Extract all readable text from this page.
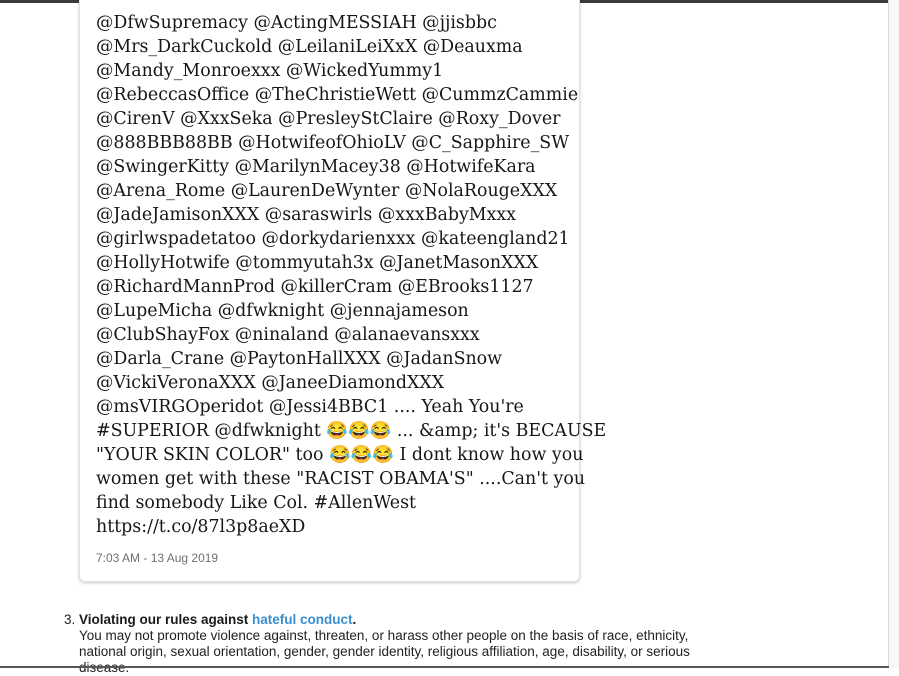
@DfwSupremacy @ActingMESSIAH @jjisbbc
@Mrs_DarkCuckold @LeilaniLeiXxX @Deauxma
@Mandy_Monroexxx @WickedYummy1
@RebeccasOffice @TheChristieWett @CummzCammie
@CirenV @XxxSeka @PresleyStClaire @Roxy_Dover
@888BBB88BB @HotwifeofOhioLV @C_Sapphire_SW
@SwingerKitty @MarilynMacey38 @HotwifeKara
@Arena_Rome @LaurenDeWynter @NolaRougeXXX
@JadeJamisonXXX @saraswirls @xxxBabyMxxx
@girlwspadetatoo @dorkydarienxxx @kateengland21
@HollyHotwife @tommyutah3x @JanetMasonXXX
@RichardMannProd @killerCram @EBrooks1127
@LupeMicha @dfwknight @jennajameson
@ClubShayFox @ninaland @alanaevansxxx
@Darla_Crane @PaytonHallXXX @JadanSnow
@VickiVeronaXXX @JaneeDiamondXXX
@msVIRGOperidot @Jessi4BBC1 .... Yeah You're
#SUPERIOR @dfwknight 😂😂😂 ... &amp; it's BECAUSE
"YOUR SKIN COLOR" too 😂😂😂 I dont know how you
women get with these "RACIST OBAMA'S" ....Can't you
find somebody Like Col. #AllenWest
https://t.co/87l3p8aeXD
7:03 AM - 13 Aug 2019
3. Violating our rules against hateful conduct.
You may not promote violence against, threaten, or harass other people on the basis of race, ethnicity, national origin, sexual orientation, gender, gender identity, religious affiliation, age, disability, or serious
